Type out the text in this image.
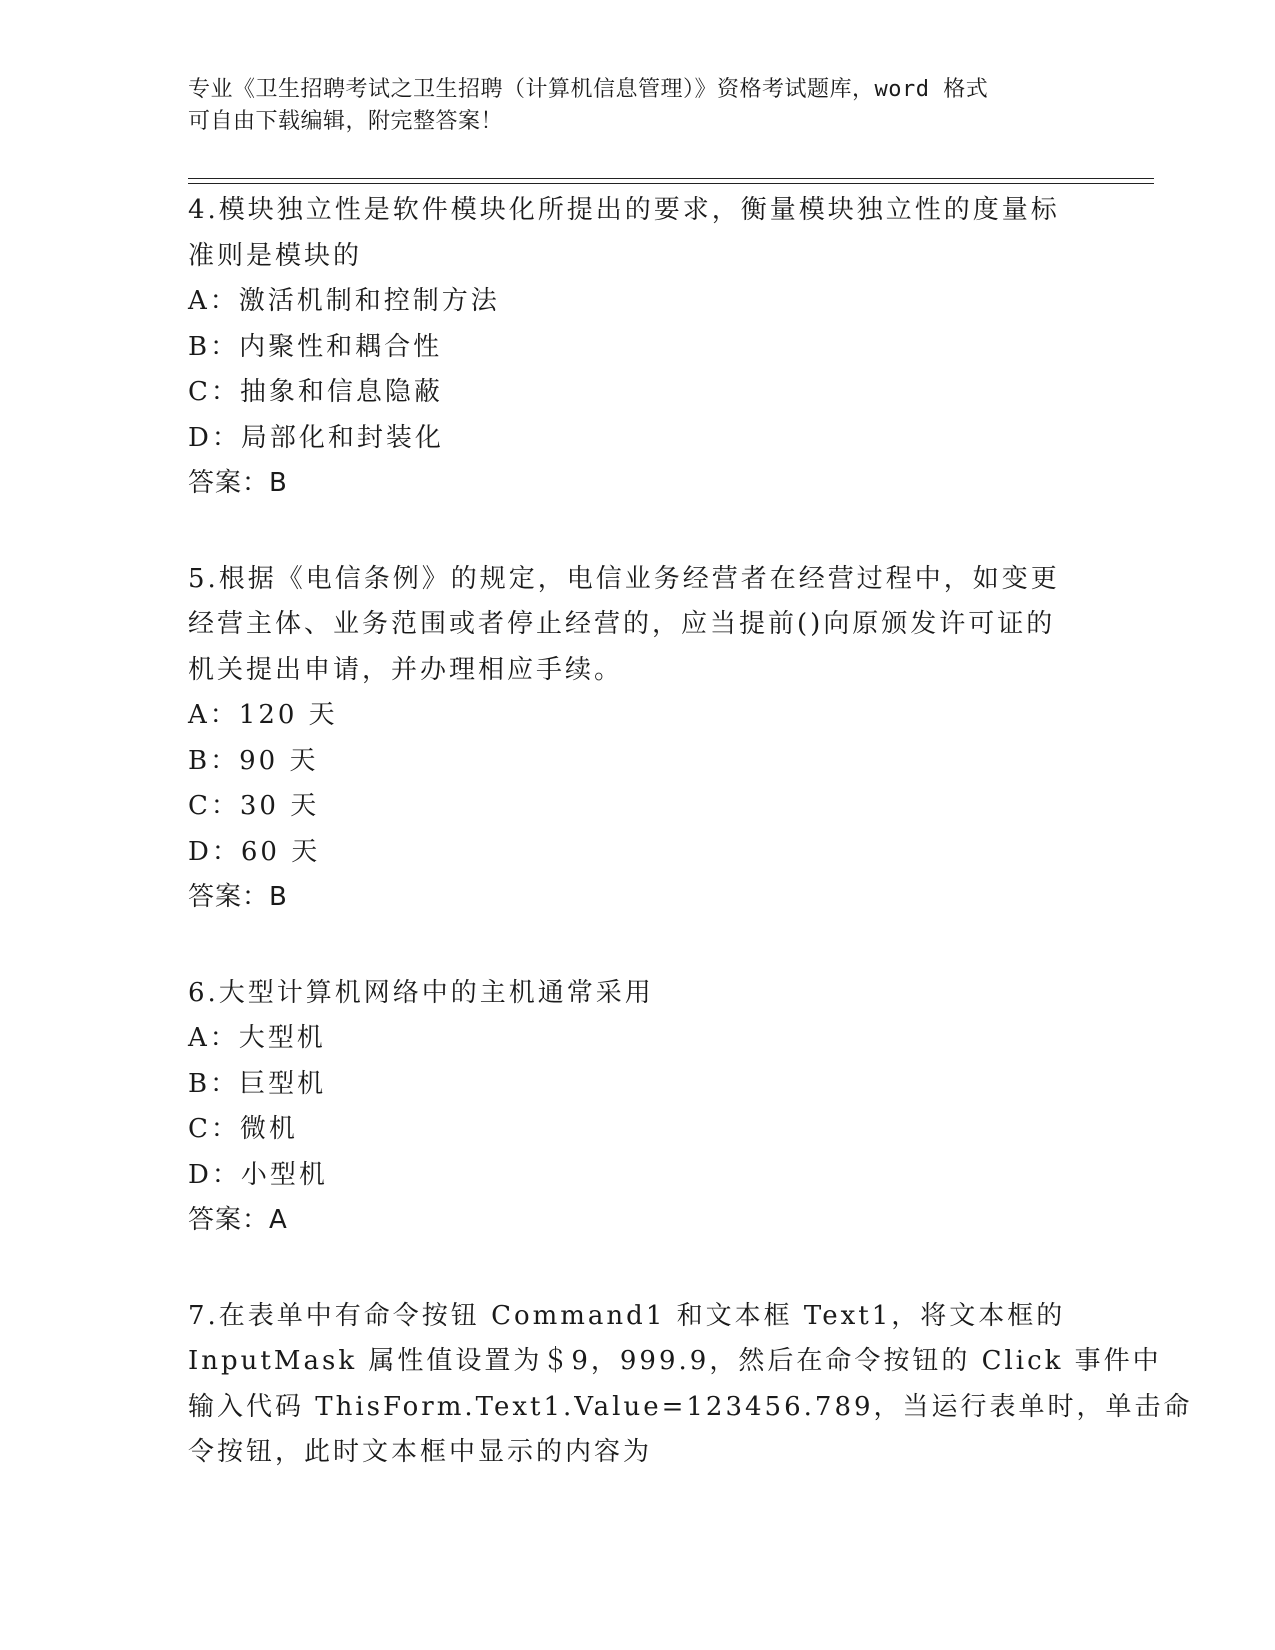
专业《卫生招聘考试之卫生招聘（计算机信息管理）》资格考试题库，word 格式
可自由下载编辑，附完整答案！
4.模块独立性是软件模块化所提出的要求，衡量模块独立性的度量标
准则是模块的
A：激活机制和控制方法
B：内聚性和耦合性
C：抽象和信息隐蔽
D：局部化和封装化
答案：B
5.根据《电信条例》的规定，电信业务经营者在经营过程中，如变更
经营主体、业务范围或者停止经营的，应当提前()向原颁发许可证的
机关提出申请，并办理相应手续。
A：120 天
B：90 天
C：30 天
D：60 天
答案：B
6.大型计算机网络中的主机通常采用
A：大型机
B：巨型机
C：微机
D：小型机
答案：A
7.在表单中有命令按钮 Command1 和文本框 Text1，将文本框的
InputMask 属性值设置为＄9，999.9，然后在命令按钮的 Click 事件中
输入代码 ThisForm.Text1.Value=123456.789，当运行表单时，单击命
令按钮，此时文本框中显示的内容为
